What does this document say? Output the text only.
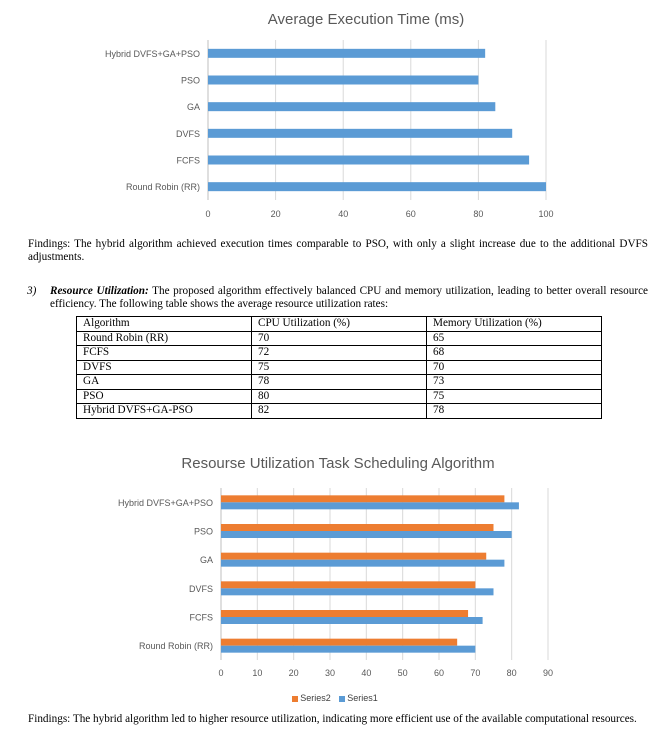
Average Execution Time (ms)
Round Robin (RR)
FCFS
DVFS
GA
PSO
Hybrid DVFS+GA+PSO
0	20	40	60	80	100
Findings: The hybrid algorithm achieved execution times comparable to PSO, with only a slight increase due to the additional DVFS adjustments.
3) Resource Utilization: The proposed algorithm effectively balanced CPU and memory utilization, leading to better overall resource efficiency. The following table shows the average resource utilization rates:
Algorithm	CPU Utilization (%)	Memory Utilization (%)
Round Robin (RR)	70	65
FCFS	72	68
DVFS	75	70
GA	78	73
PSO	80	75
Hybrid DVFS+GA-PSO	82	78
Resourse Utilization Task Scheduling Algorithm
Round Robin (RR)
FCFS
DVFS
GA
PSO
Hybrid DVFS+GA+PSO
0	10	20	30	40	50	60	70	80	90
Series2 Series1
Findings: The hybrid algorithm led to higher resource utilization, indicating more efficient use of the available computational resources.
